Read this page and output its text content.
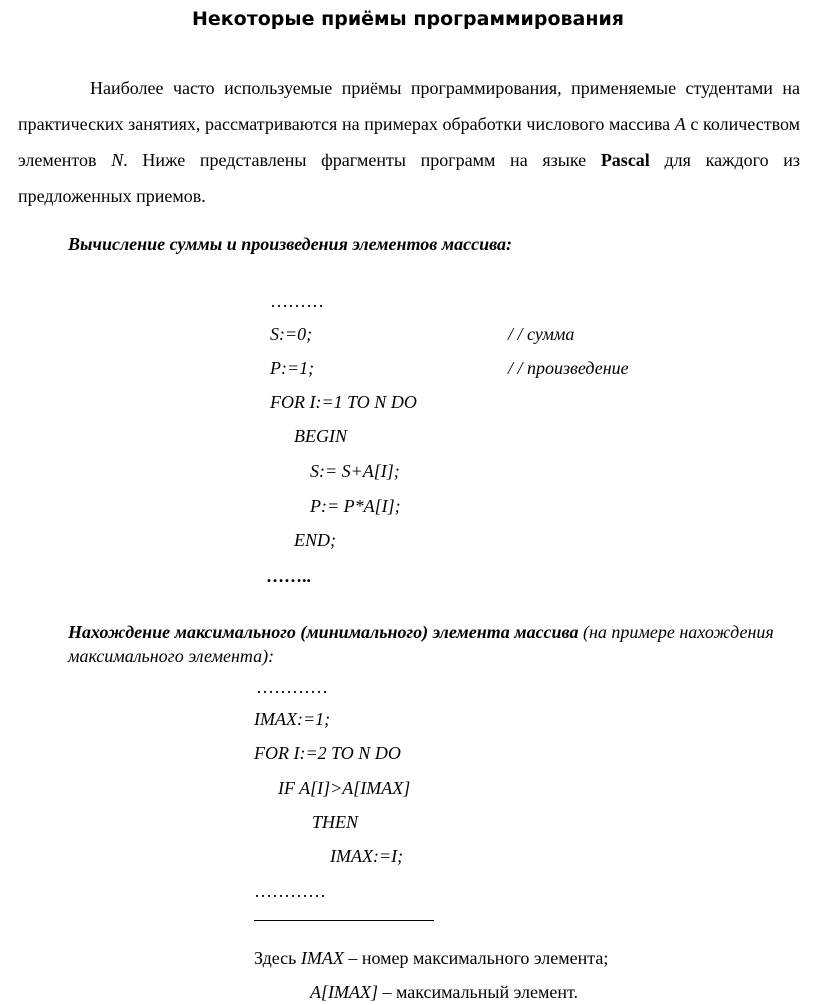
Некоторые приёмы программирования
Наиболее часто используемые приёмы программирования, применяемые студентами на практических занятиях, рассматриваются на примерах обработки числового массива A с количеством элементов N. Ниже представлены фрагменты программ на языке Pascal для каждого из предложенных приемов.
Вычисление суммы и произведения элементов массива:
………
S:=0;	/ / сумма
P:=1;	/ / произведение
FOR I:=1 TO N DO
BEGIN
S:= S+A[I];
P:= P*A[I];
END;
……..
Нахождение максимального (минимального) элемента массива (на примере нахождения максимального элемента):
…………
IMAX:=1;
FOR I:=2 TO N DO
IF A[I]>A[IMAX]
THEN
IMAX:=I;
…………
Здесь IMAX – номер максимального элемента;
A[IMAX] – максимальный элемент.
